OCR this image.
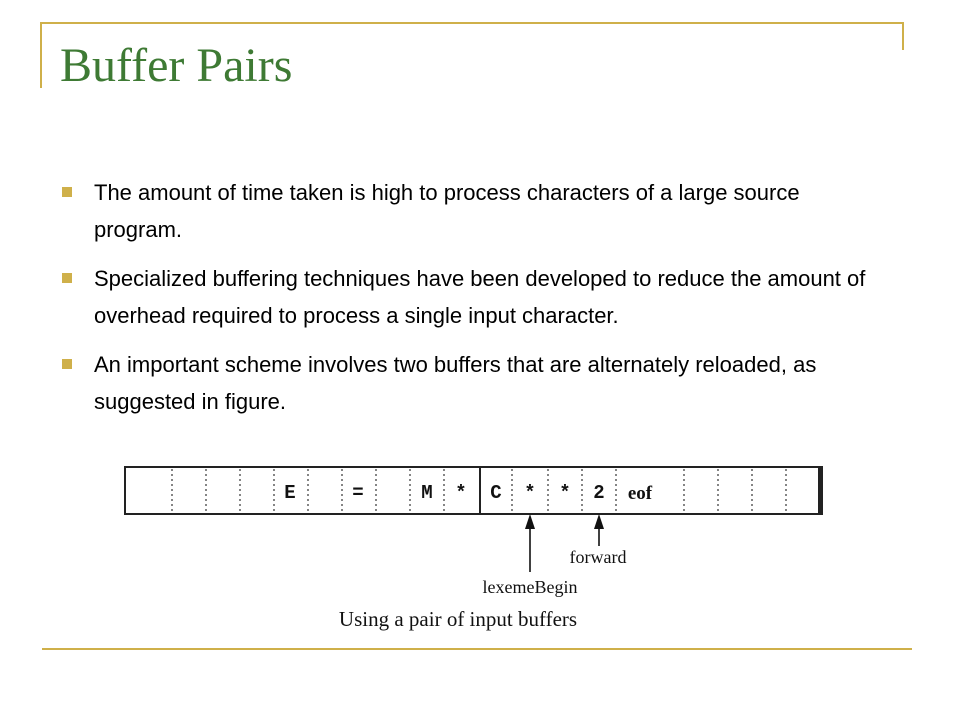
Buffer Pairs
The amount of time taken is high to process characters of a large source program.
Specialized buffering techniques have been developed to reduce the amount of overhead required to process a single input character.
An important scheme involves two buffers that are alternately reloaded, as suggested in figure.
E	=	M * C * * 2 eof
forward
lexemeBegin
Using a pair of input buffers
